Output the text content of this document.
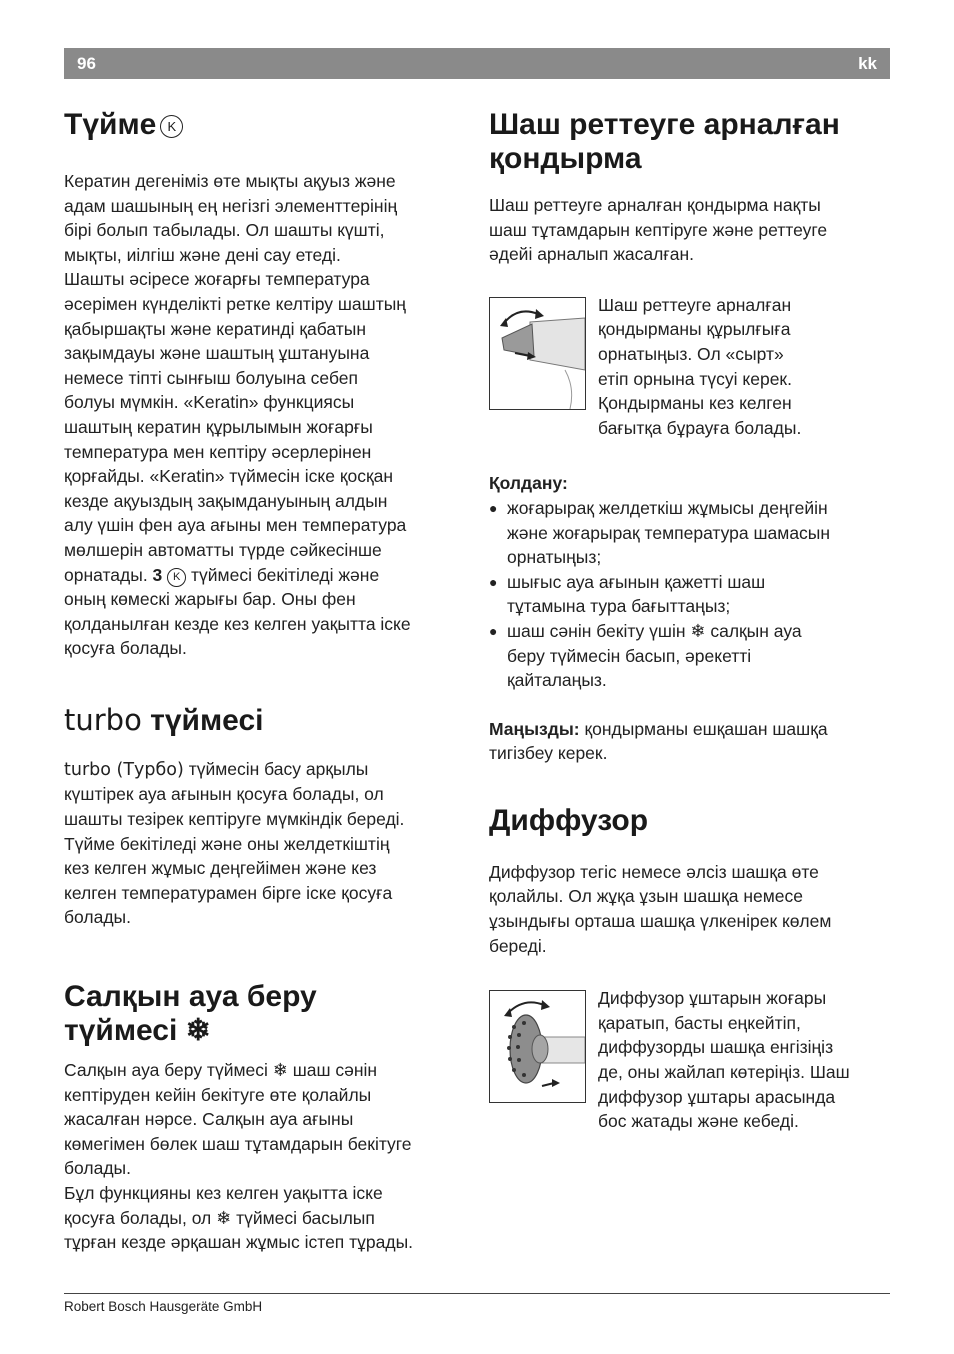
96	kk
Түйме K

Кератин дегеніміз өте мықты ақуыз және
адам шашының ең негізгі элементтерінің
бірі болып табылады. Ол шашты күшті,
мықты, иілгіш және дені сау етеді.
Шашты әсіресе жоғарғы температура
әсерімен күнделікті ретке келтіру шаштың
қабыршақты және кератинді қабатын
зақымдауы және шаштың ұштануына
немесе тіпті сынғыш болуына себеп
болуы мүмкін. «Keratin» функциясы
шаштың кератин құрылымын жоғарғы
температура мен кептіру әсерлерінен
қорғайды. «Keratin» түймесін іске қосқан
кезде ақуыздың зақымдануының алдын
алу үшін фен ауа ағыны мен температура
мөлшерін автоматты түрде сәйкесінше
орнатады. 3 K түймесі бекітіледі және
оның көмескі жарығы бар. Оны фен
қолданылған кезде кез келген уақытта іске
қосуға болады.

turbo түймесі

turbo (Турбо) түймесін басу арқылы
күштірек ауа ағынын қосуға болады, ол
шашты тезірек кептіруге мүмкіндік береді.
Түйме бекітіледі және оны желдеткіштің
кез келген жұмыс деңгейімен және кез
келген температурамен бірге іске қосуға
болады.

Салқын ауа беру
түймесі ❄

Салқын ауа беру түймесі ❄ шаш сәнін
кептіруден кейін бекітуге өте қолайлы
жасалған нәрсе. Салқын ауа ағыны
көмегімен бөлек шаш тұтамдарын бекітуге
болады.
Бұл функцияны кез келген уақытта іске
қосуға болады, ол ❄ түймесі басылып
тұрған кезде әрқашан жұмыс істеп тұрады.

Шаш реттеуге арналған
қондырма

Шаш реттеуге арналған қондырма нақты
шаш тұтамдарын кептіруге және реттеуге
әдейі арналып жасалған.

Шаш реттеуге арналған
қондырманы құрылғыға
орнатыңыз. Ол «сырт»
етіп орнына түсуі керек.
Қондырманы кез келген
бағытқа бұрауға болады.

Қолдану:

● жоғарырақ желдеткіш жұмысы деңгейін
және жоғарырақ температура шамасын
орнатыңыз;
● шығыс ауа ағынын қажетті шаш
тұтамына тура бағыттаңыз;
● шаш сәнін бекіту үшін ❄ салқын ауа
беру түймесін басып, әрекетті
қайталаңыз.

Маңызды: қондырманы ешқашан шашқа
тигізбеу керек.

Диффузор

Диффузор тегіс немесе әлсіз шашқа өте
қолайлы. Ол жұқа ұзын шашқа немесе
ұзындығы орташа шашқа үлкенірек көлем
береді.

Диффузор ұштарын жоғары
қаратып, басты еңкейтіп,
диффузорды шашқа енгізіңіз
де, оны жайлап көтеріңіз. Шаш
диффузор ұштары арасында
бос жатады және кебеді.

Robert Bosch Hausgeräte GmbH
